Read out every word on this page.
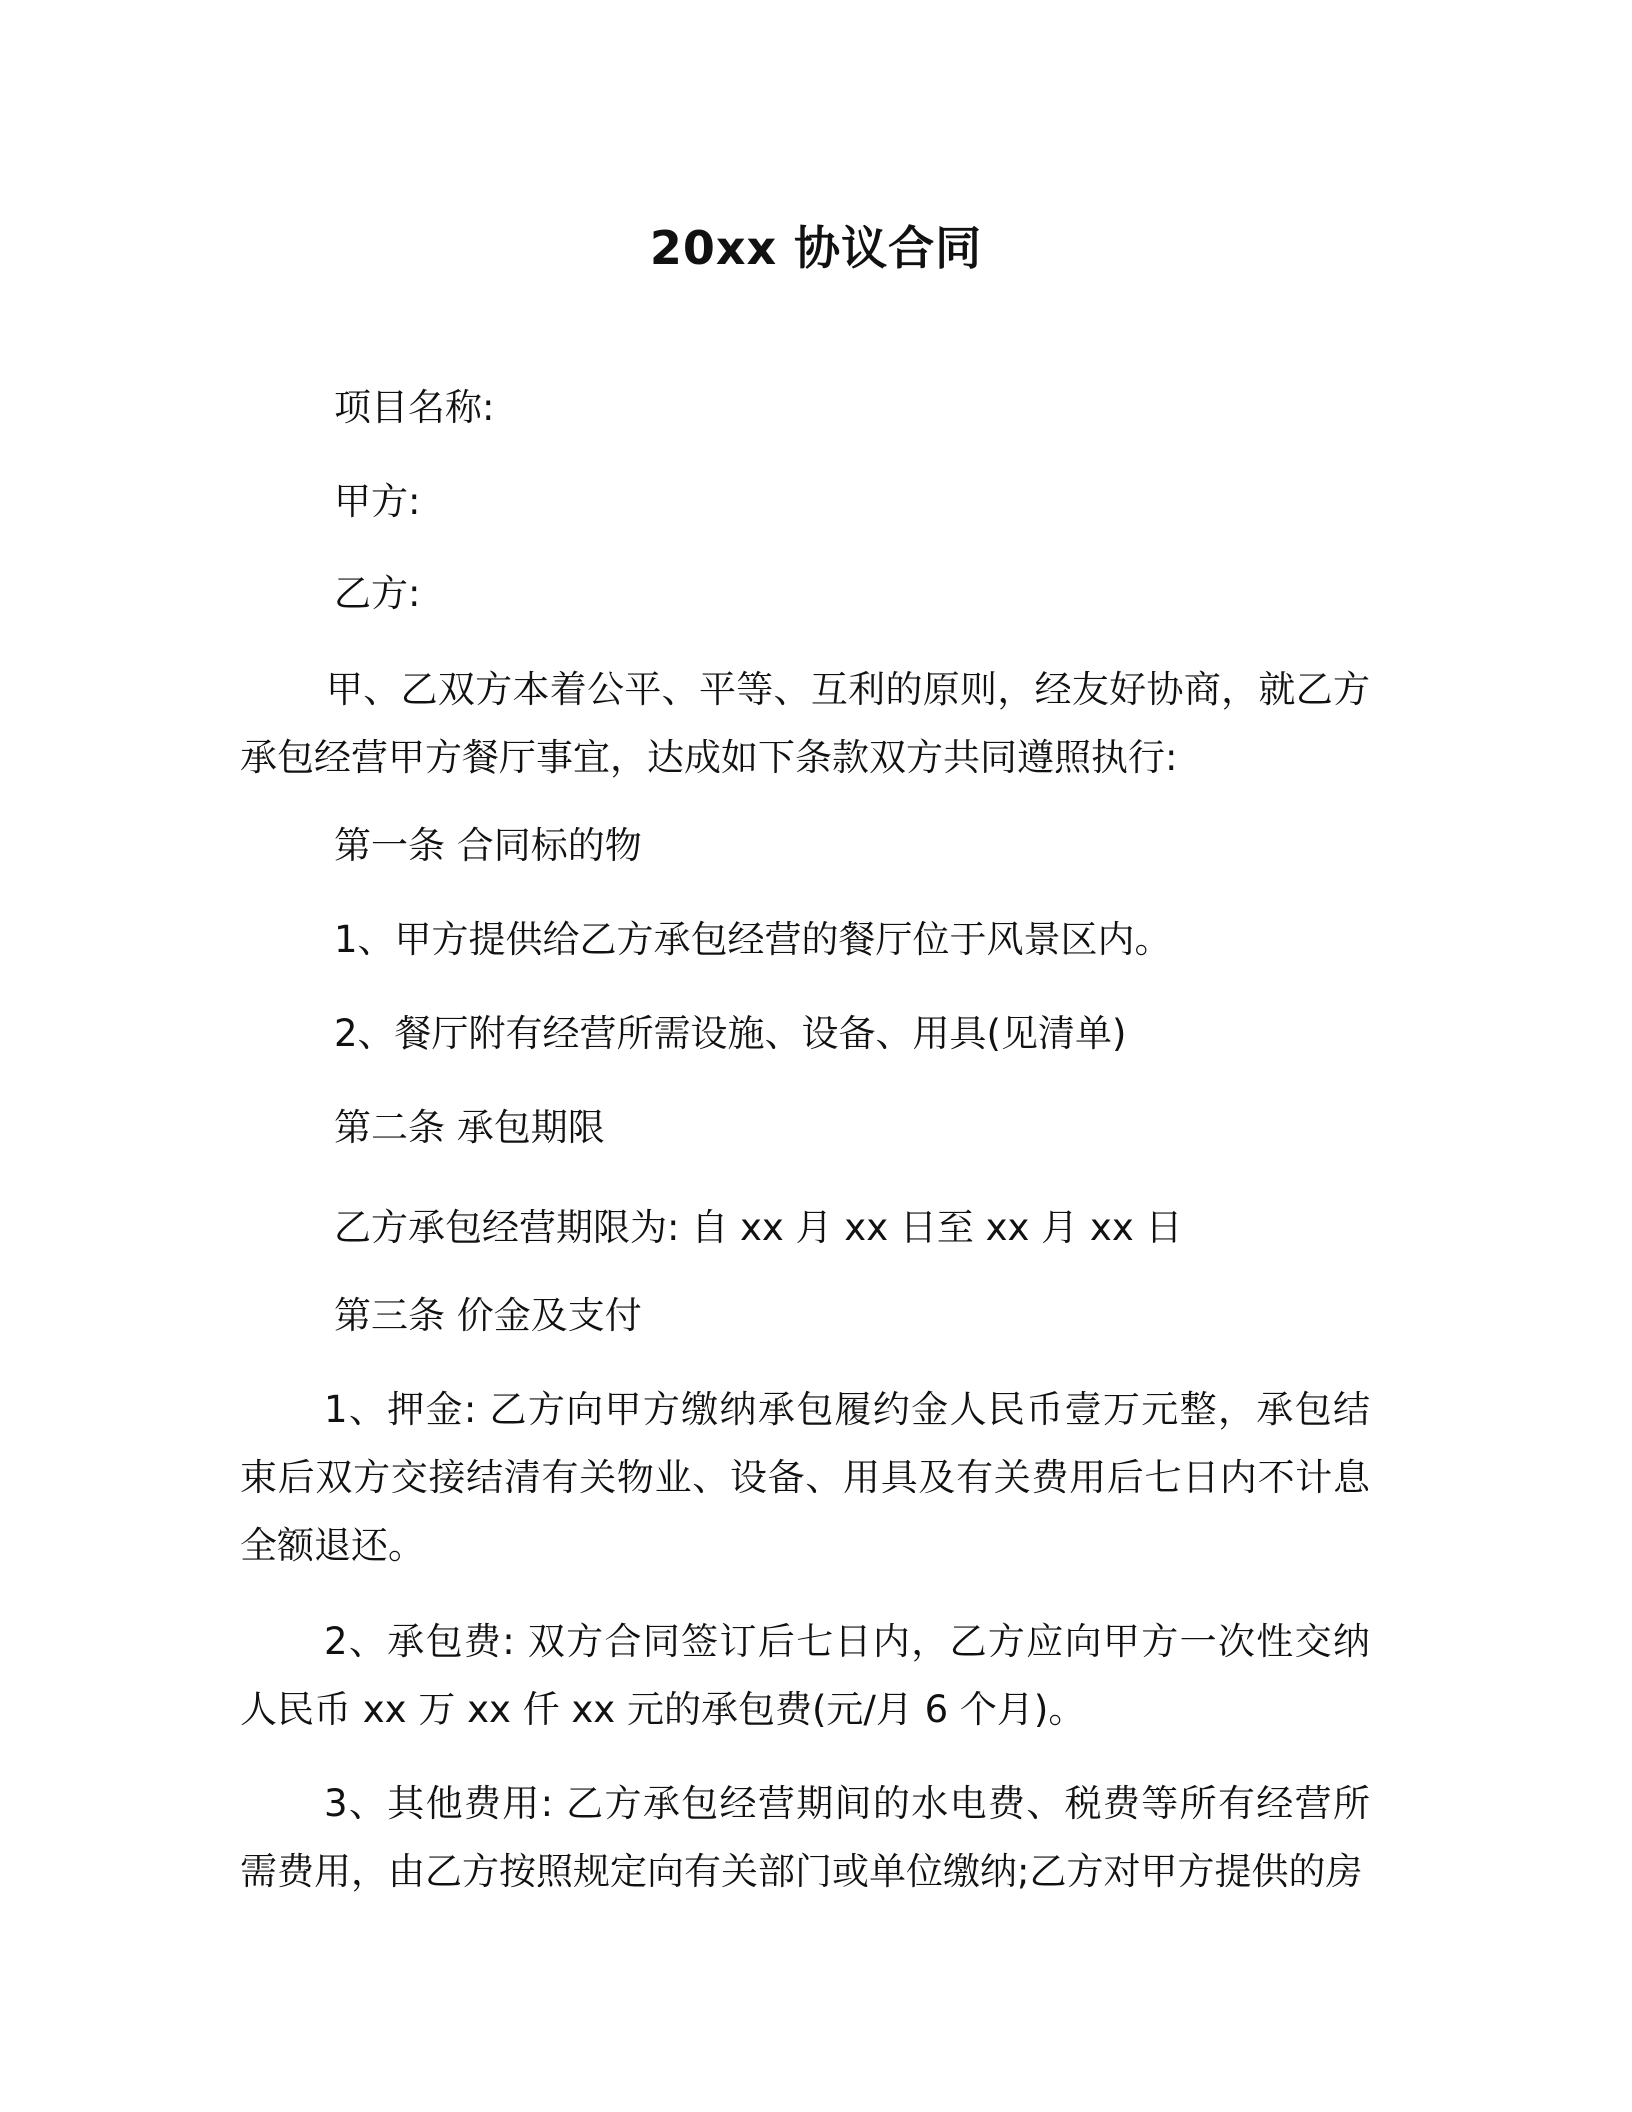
20xx 协议合同
项目名称:
甲方:
乙方:
甲、乙双方本着公平、平等、互利的原则，经友好协商，就乙方承包经营甲方餐厅事宜，达成如下条款双方共同遵照执行:
第一条 合同标的物
1、甲方提供给乙方承包经营的餐厅位于风景区内。
2、餐厅附有经营所需设施、设备、用具(见清单)
第二条 承包期限
乙方承包经营期限为: 自 xx 月 xx 日至 xx 月 xx 日
第三条 价金及支付
1、押金: 乙方向甲方缴纳承包履约金人民币壹万元整，承包结束后双方交接结清有关物业、设备、用具及有关费用后七日内不计息全额退还。
2、承包费: 双方合同签订后七日内，乙方应向甲方一次性交纳人民币 xx 万 xx 仟 xx 元的承包费(元/月 6 个月)。
3、其他费用: 乙方承包经营期间的水电费、税费等所有经营所需费用，由乙方按照规定向有关部门或单位缴纳;乙方对甲方提供的房
